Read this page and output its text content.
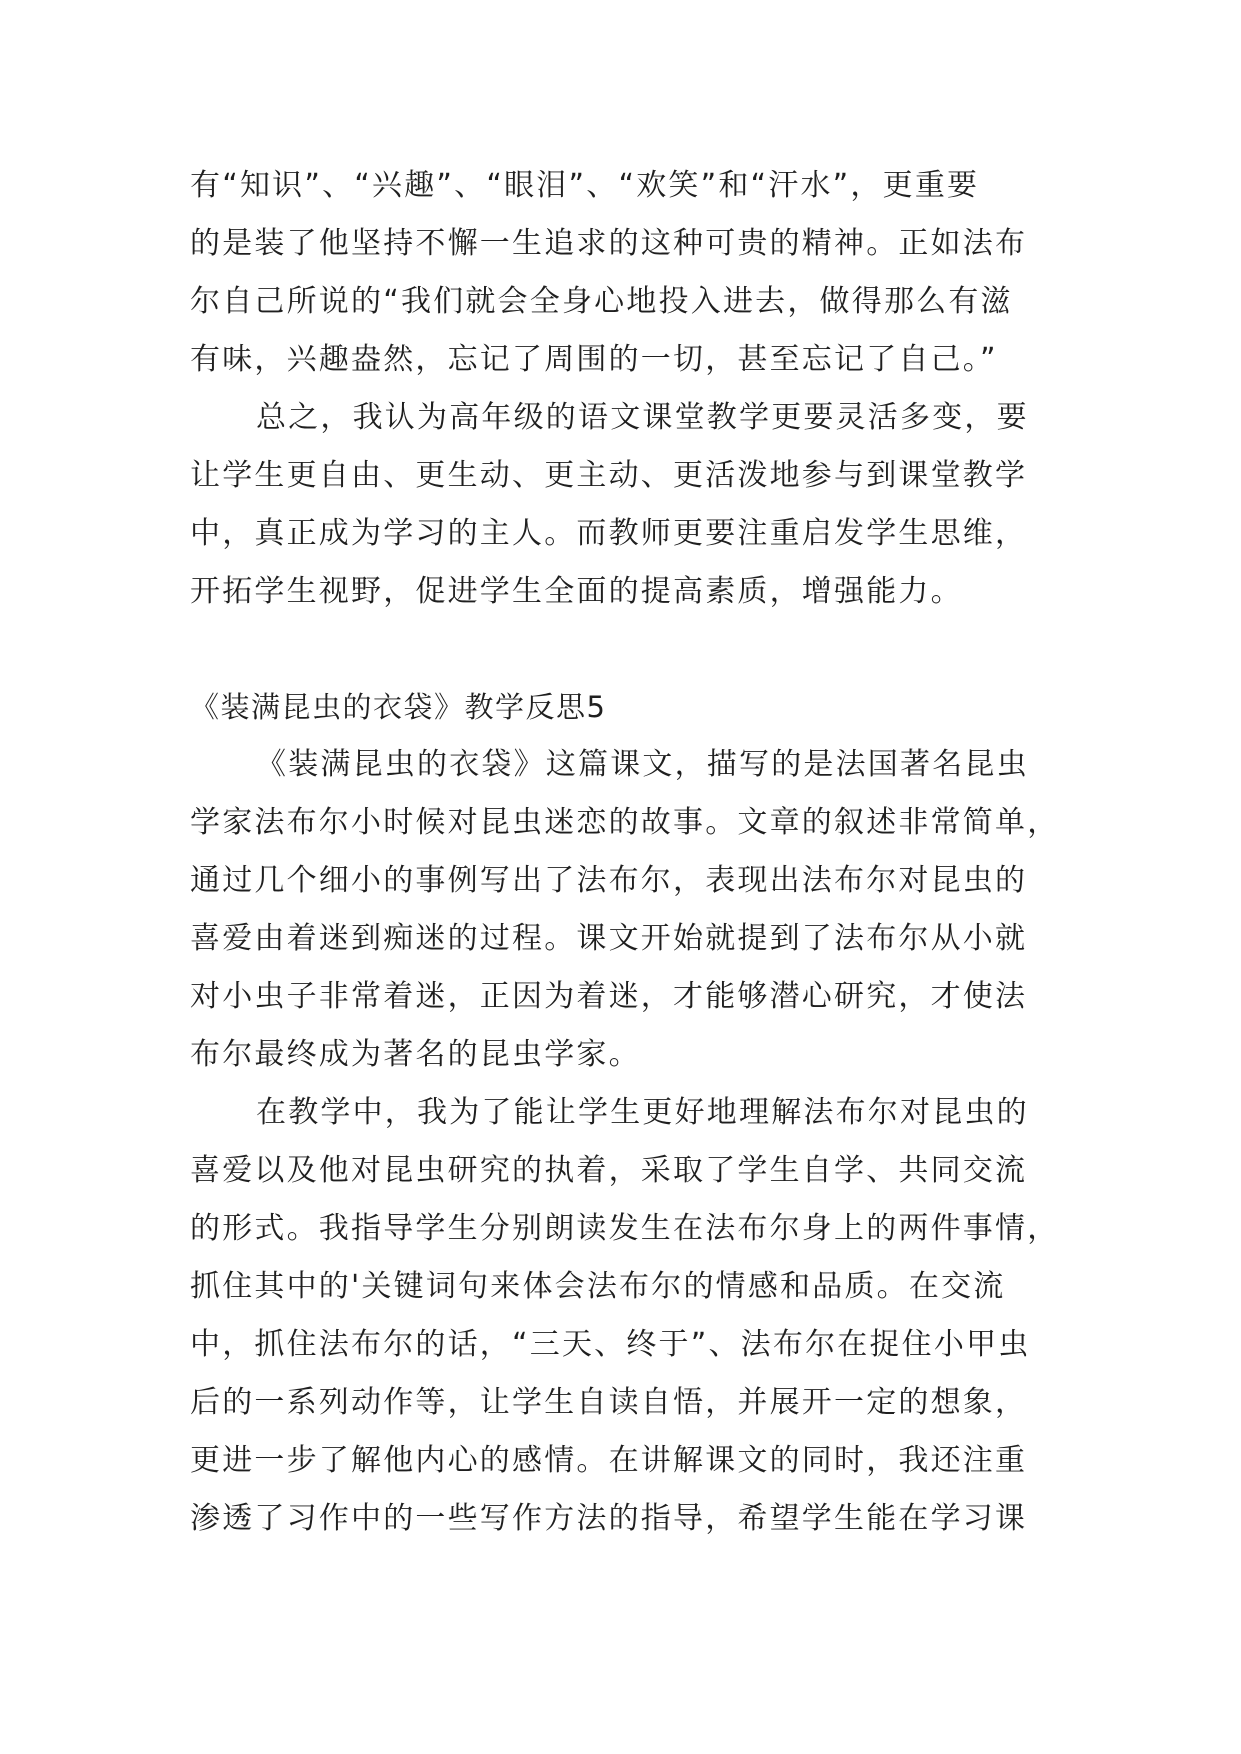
有“知识”、“兴趣”、“眼泪”、“欢笑”和“汗水”，更重要
的是装了他坚持不懈一生追求的这种可贵的精神。正如法布
尔自己所说的“我们就会全身心地投入进去，做得那么有滋
有味，兴趣盎然，忘记了周围的一切，甚至忘记了自己。”
总之，我认为高年级的语文课堂教学更要灵活多变，要
让学生更自由、更生动、更主动、更活泼地参与到课堂教学
中，真正成为学习的主人。而教师更要注重启发学生思维，
开拓学生视野，促进学生全面的提高素质，增强能力。
《装满昆虫的衣袋》教学反思5
《装满昆虫的衣袋》这篇课文，描写的是法国著名昆虫
学家法布尔小时候对昆虫迷恋的故事。文章的叙述非常简单，
通过几个细小的事例写出了法布尔，表现出法布尔对昆虫的
喜爱由着迷到痴迷的过程。课文开始就提到了法布尔从小就
对小虫子非常着迷，正因为着迷，才能够潜心研究，才使法
布尔最终成为著名的昆虫学家。
在教学中，我为了能让学生更好地理解法布尔对昆虫的
喜爱以及他对昆虫研究的执着，采取了学生自学、共同交流
的形式。我指导学生分别朗读发生在法布尔身上的两件事情，
抓住其中的'关键词句来体会法布尔的情感和品质。在交流
中，抓住法布尔的话，“三天、终于”、法布尔在捉住小甲虫
后的一系列动作等，让学生自读自悟，并展开一定的想象，
更进一步了解他内心的感情。在讲解课文的同时，我还注重
渗透了习作中的一些写作方法的指导，希望学生能在学习课
